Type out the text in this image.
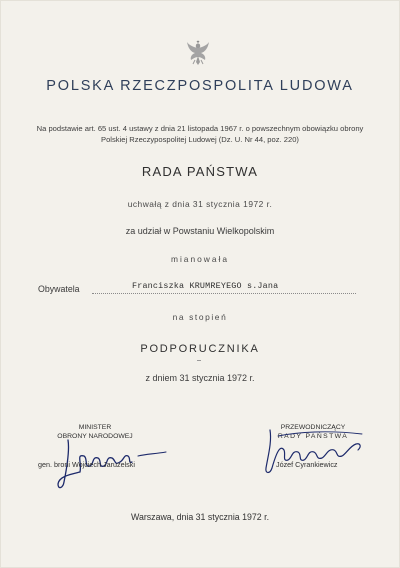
POLSKA RZECZPOSPOLITA LUDOWA
Na podstawie art. 65 ust. 4 ustawy z dnia 21 listopada 1967 r. o powszechnym obowiązku obrony Polskiej Rzeczypospolitej Ludowej (Dz. U. Nr 44, poz. 220)
RADA PAŃSTWA
uchwałą z dnia 31 stycznia 1972 r.
za udział w Powstaniu Wielkopolskim
mianowała
Obywatela	Franciszka KRUMREYEGO s.Jana
na stopień
PODPORUCZNIKA
z dniem 31 stycznia 1972 r.
MINISTER
OBRONY NARODOWEJ
gen. broni Wojciech Jaruzelski
PRZEWODNICZĄCY
RADY PAŃSTWA
Józef Cyrankiewicz
Warszawa, dnia 31 stycznia 1972 r.
